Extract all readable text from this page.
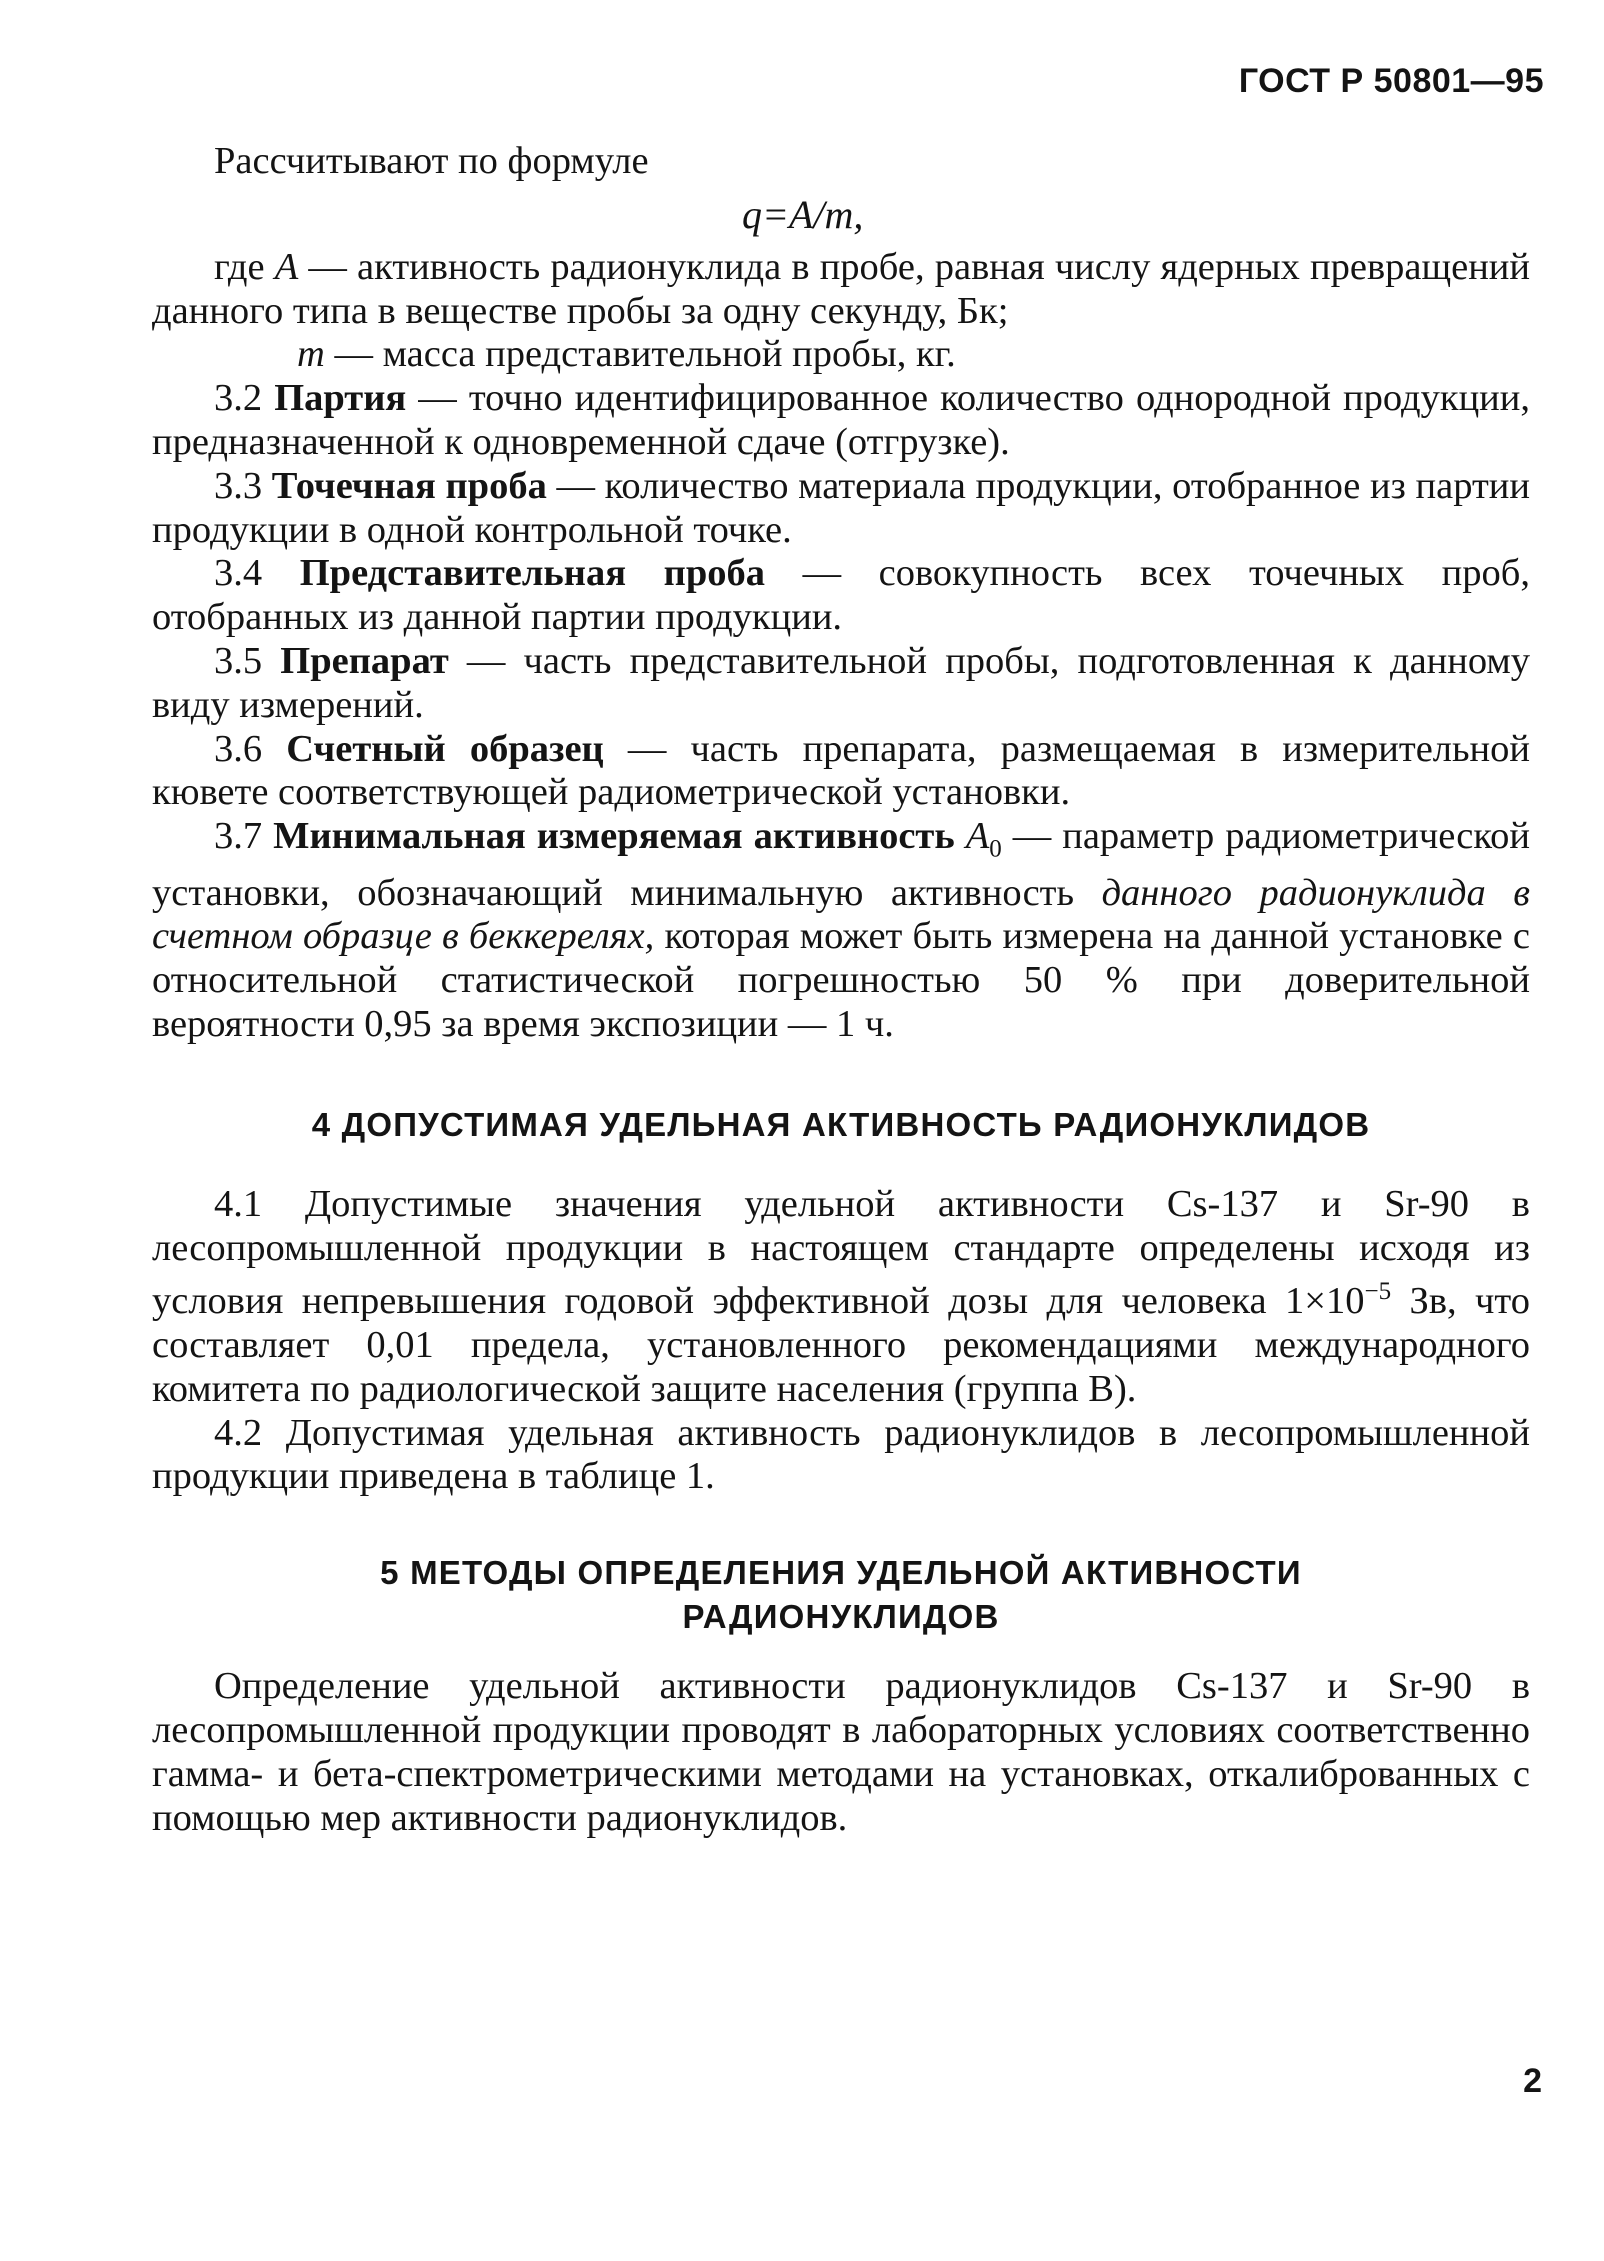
ГОСТ Р 50801—95

Рассчитывают по формуле

q=A/m,

где A — активность радионуклида в пробе, равная числу ядерных превращений данного типа в веществе пробы за одну секунду, Бк;

m — масса представительной пробы, кг.

3.2 Партия — точно идентифицированное количество однородной продукции, предназначенной к одновременной сдаче (отгрузке).

3.3 Точечная проба — количество материала продукции, отобранное из партии продукции в одной контрольной точке.

3.4 Представительная проба — совокупность всех точечных проб, отобранных из данной партии продукции.

3.5 Препарат — часть представительной пробы, подготовленная к данному виду измерений.

3.6 Счетный образец — часть препарата, размещаемая в измерительной кювете соответствующей радиометрической установки.

3.7 Минимальная измеряемая активность $A_0$ — параметр радиометрической установки, обозначающий минимальную активность данного радионуклида в счетном образце в беккерелях, которая может быть измерена на данной установке с относительной статистической погрешностью 50 % при доверительной вероятности 0,95 за время экспозиции — 1 ч.

4 ДОПУСТИМАЯ УДЕЛЬНАЯ АКТИВНОСТЬ РАДИОНУКЛИДОВ

4.1 Допустимые значения удельной активности Cs-137 и Sr-90 в лесопромышленной продукции в настоящем стандарте определены исходя из условия непревышения годовой эффективной дозы для человека $1\times 10^{-5}$ Зв, что составляет 0,01 предела, установленного рекомендациями международного комитета по радиологической защите населения (группа В).

4.2 Допустимая удельная активность радионуклидов в лесопромышленной продукции приведена в таблице 1.

5 МЕТОДЫ ОПРЕДЕЛЕНИЯ УДЕЛЬНОЙ АКТИВНОСТИ
РАДИОНУКЛИДОВ

Определение удельной активности радионуклидов Cs-137 и Sr-90 в лесопромышленной продукции проводят в лабораторных условиях соответственно гамма- и бета-спектрометрическими методами на установках, откалиброванных с помощью мер активности радионуклидов.

2
